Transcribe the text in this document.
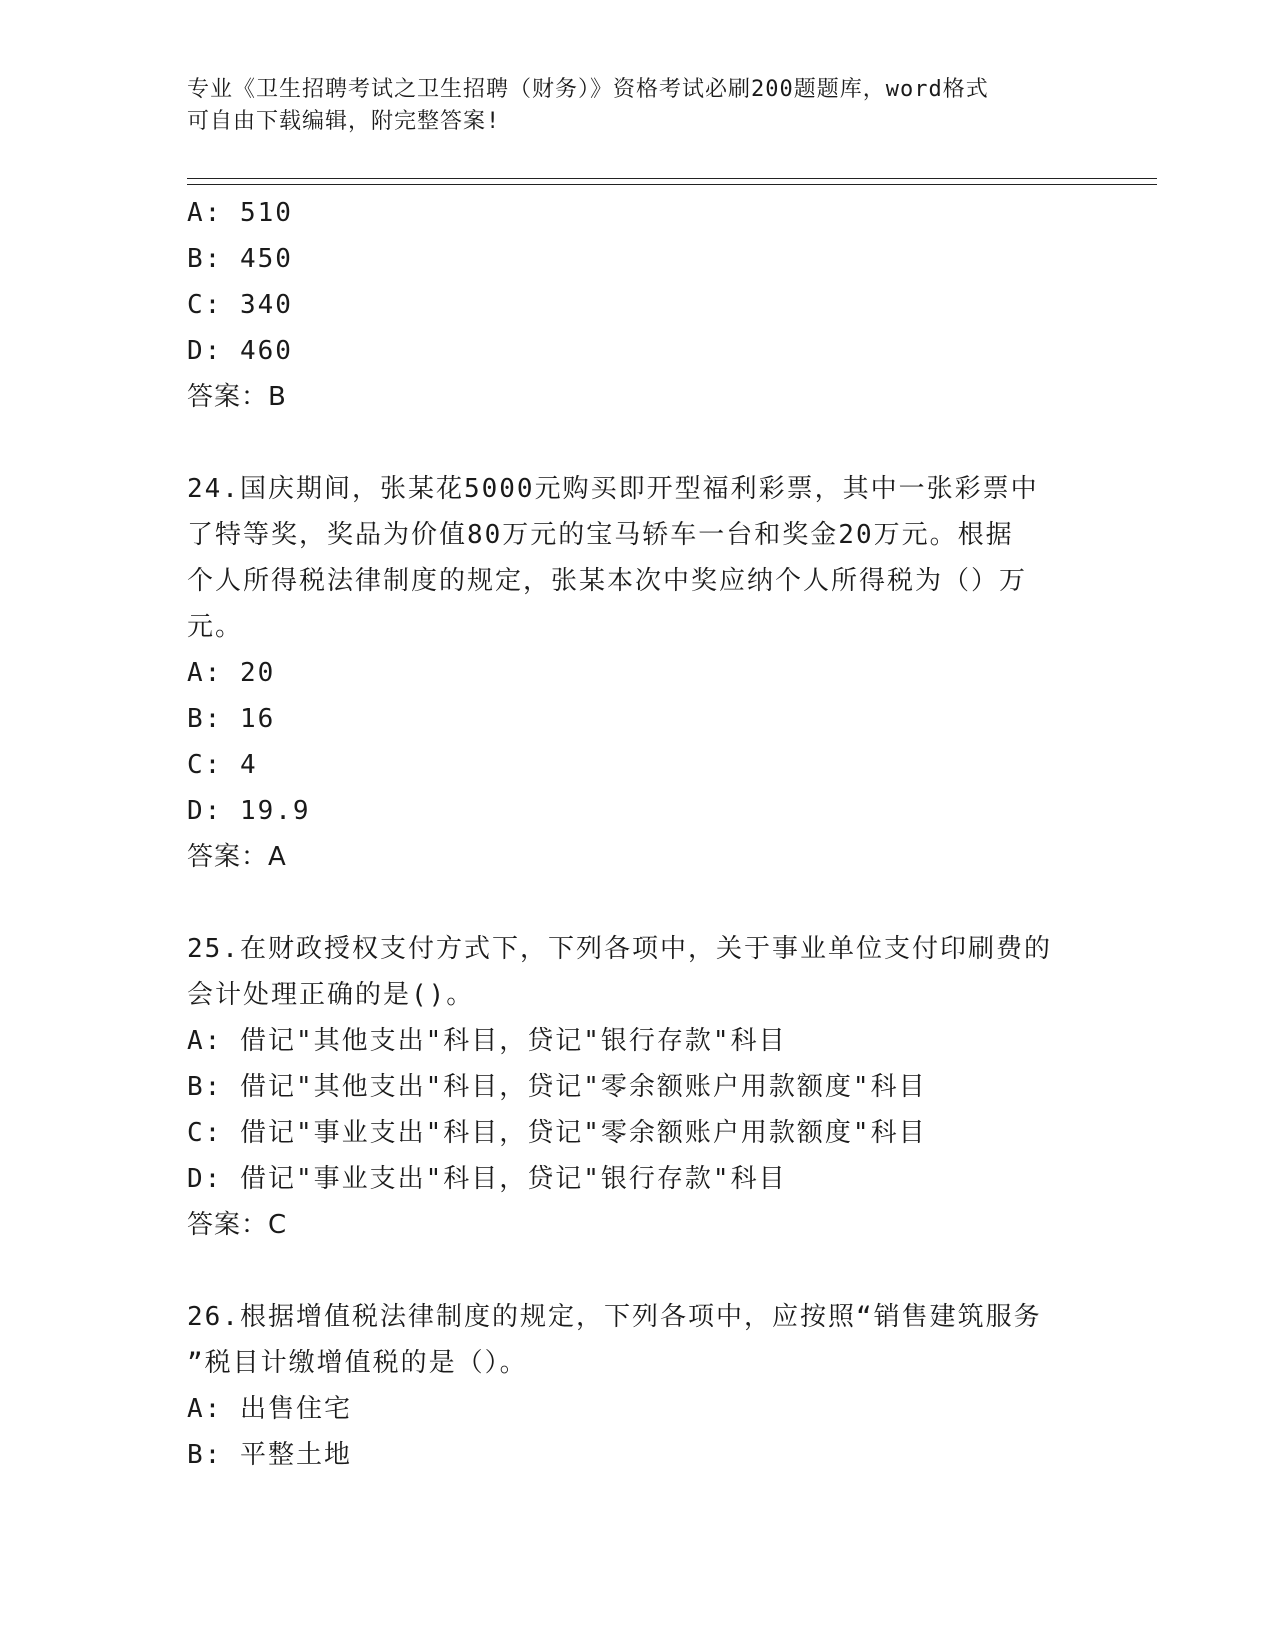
专业《卫生招聘考试之卫生招聘（财务）》资格考试必刷200题题库，word格式
可自由下载编辑，附完整答案!
A: 510
B: 450
C: 340
D: 460
答案：B
24.国庆期间，张某花5000元购买即开型福利彩票，其中一张彩票中
了特等奖，奖品为价值80万元的宝马轿车一台和奖金20万元。根据
个人所得税法律制度的规定，张某本次中奖应纳个人所得税为（）万
元。
A: 20
B: 16
C: 4
D: 19.9
答案：A
25.在财政授权支付方式下，下列各项中，关于事业单位支付印刷费的
会计处理正确的是()。
A: 借记"其他支出"科目，贷记"银行存款"科目
B: 借记"其他支出"科目，贷记"零余额账户用款额度"科目
C: 借记"事业支出"科目，贷记"零余额账户用款额度"科目
D: 借记"事业支出"科目，贷记"银行存款"科目
答案：C
26.根据增值税法律制度的规定，下列各项中，应按照“销售建筑服务
”税目计缴增值税的是（）。
A: 出售住宅
B: 平整土地
